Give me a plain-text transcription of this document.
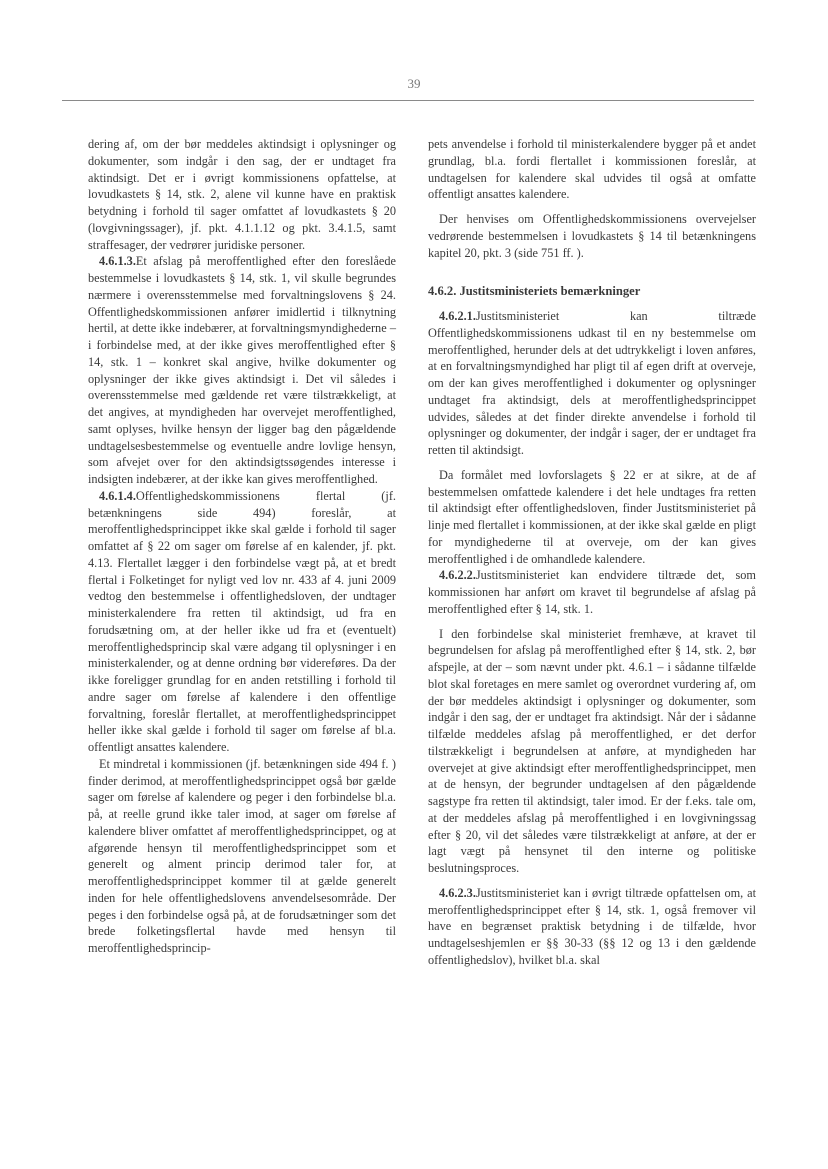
39

dering af, om der bør meddeles aktindsigt i oplysninger og dokumenter, som indgår i den sag, der er undtaget fra aktindsigt. Det er i øvrigt kommissionens opfattelse, at lovudkastets § 14, stk. 2, alene vil kunne have en praktisk betydning i forhold til sager omfattet af lovudkastets § 20 (lovgivningssager), jf. pkt. 4.1.1.12 og pkt. 3.4.1.5, samt straffesager, der vedrører juridiske personer.

4.6.1.3.Et afslag på meroffentlighed efter den foreslåede bestemmelse i lovudkastets § 14, stk. 1, vil skulle begrundes nærmere i overensstemmelse med forvaltningslovens § 24. Offentlighedskommissionen anfører imidlertid i tilknytning hertil, at dette ikke indebærer, at forvaltningsmyndighederne – i forbindelse med, at der ikke gives meroffentlighed efter § 14, stk. 1 – konkret skal angive, hvilke dokumenter og oplysninger der ikke gives aktindsigt i. Det vil således i overensstemmelse med gældende ret være tilstrækkeligt, at det angives, at myndigheden har overvejet meroffentlighed, samt oplyses, hvilke hensyn der ligger bag den pågældende undtagelsesbestemmelse og eventuelle andre lovlige hensyn, som afvejet over for den aktindsigtssøgendes interesse i indsigten indebærer, at der ikke kan gives meroffentlighed.

4.6.1.4.Offentlighedskommissionens flertal (jf. betænkningens side 494) foreslår, at meroffentlighedsprincippet ikke skal gælde i forhold til sager omfattet af § 22 om sager om førelse af en kalender, jf. pkt. 4.13. Flertallet lægger i den forbindelse vægt på, at et bredt flertal i Folketinget for nyligt ved lov nr. 433 af 4. juni 2009 vedtog den bestemmelse i offentlighedsloven, der undtager ministerkalendere fra retten til aktindsigt, ud fra en forudsætning om, at der heller ikke ud fra et (eventuelt) meroffentlighedsprincip skal være adgang til oplysninger i en ministerkalender, og at denne ordning bør videreføres. Da der ikke foreligger grundlag for en anden retstilling i forhold til andre sager om førelse af kalendere i den offentlige forvaltning, foreslår flertallet, at meroffentlighedsprincippet heller ikke skal gælde i forhold til sager om førelse af bl.a. offentligt ansattes kalendere.

Et mindretal i kommissionen (jf. betænkningen side 494 f. ) finder derimod, at meroffentlighedsprincippet også bør gælde sager om førelse af kalendere og peger i den forbindelse bl.a. på, at reelle grund ikke taler imod, at sager om førelse af kalendere bliver omfattet af meroffentlighedsprincippet, og at afgørende hensyn til meroffentlighedsprincippet som et generelt og alment princip derimod taler for, at meroffentlighedsprincippet kommer til at gælde generelt inden for hele offentlighedslovens anvendelsesområde. Der peges i den forbindelse også på, at de forudsætninger som det brede folketingsflertal havde med hensyn til meroffentlighedsprincip-

pets anvendelse i forhold til ministerkalendere bygger på et andet grundlag, bl.a. fordi flertallet i kommissionen foreslår, at undtagelsen for kalendere skal udvides til også at omfatte offentligt ansattes kalendere.

Der henvises om Offentlighedskommissionens overvejelser vedrørende bestemmelsen i lovudkastets § 14 til betænkningens kapitel 20, pkt. 3 (side 751 ff. ).

4.6.2. Justitsministeriets bemærkninger

4.6.2.1.Justitsministeriet kan tiltræde Offentlighedskommissionens udkast til en ny bestemmelse om meroffentlighed, herunder dels at det udtrykkeligt i loven anføres, at en forvaltningsmyndighed har pligt til af egen drift at overveje, om der kan gives meroffentlighed i dokumenter og oplysninger undtaget fra aktindsigt, dels at meroffentlighedsprincippet udvides, således at det finder direkte anvendelse i forhold til oplysninger og dokumenter, der indgår i sager, der er undtaget fra retten til aktindsigt.

Da formålet med lovforslagets § 22 er at sikre, at de af bestemmelsen omfattede kalendere i det hele undtages fra retten til aktindsigt efter offentlighedsloven, finder Justitsministeriet på linje med flertallet i kommissionen, at der ikke skal gælde en pligt for myndighederne til at overveje, om der kan gives meroffentlighed i de omhandlede kalendere.

4.6.2.2.Justitsministeriet kan endvidere tiltræde det, som kommissionen har anført om kravet til begrundelse af afslag på meroffentlighed efter § 14, stk. 1.

I den forbindelse skal ministeriet fremhæve, at kravet til begrundelsen for afslag på meroffentlighed efter § 14, stk. 2, bør afspejle, at der – som nævnt under pkt. 4.6.1 – i sådanne tilfælde blot skal foretages en mere samlet og overordnet vurdering af, om der bør meddeles aktindsigt i oplysninger og dokumenter, som indgår i den sag, der er undtaget fra aktindsigt. Når der i sådanne tilfælde meddeles afslag på meroffentlighed, er det derfor tilstrækkeligt i begrundelsen at anføre, at myndigheden har overvejet at give aktindsigt efter meroffentlighedsprincippet, men at de hensyn, der begrunder undtagelsen af den pågældende sagstype fra retten til aktindsigt, taler imod. Er der f.eks. tale om, at der meddeles afslag på meroffentlighed i en lovgivningssag efter § 20, vil det således være tilstrækkeligt at anføre, at der er lagt vægt på hensynet til den interne og politiske beslutningsproces.

4.6.2.3.Justitsministeriet kan i øvrigt tiltræde opfattelsen om, at meroffentlighedsprincippet efter § 14, stk. 1, også fremover vil have en begrænset praktisk betydning i de tilfælde, hvor undtagelseshjemlen er §§ 30-33 (§§ 12 og 13 i den gældende offentlighedslov), hvilket bl.a. skal
